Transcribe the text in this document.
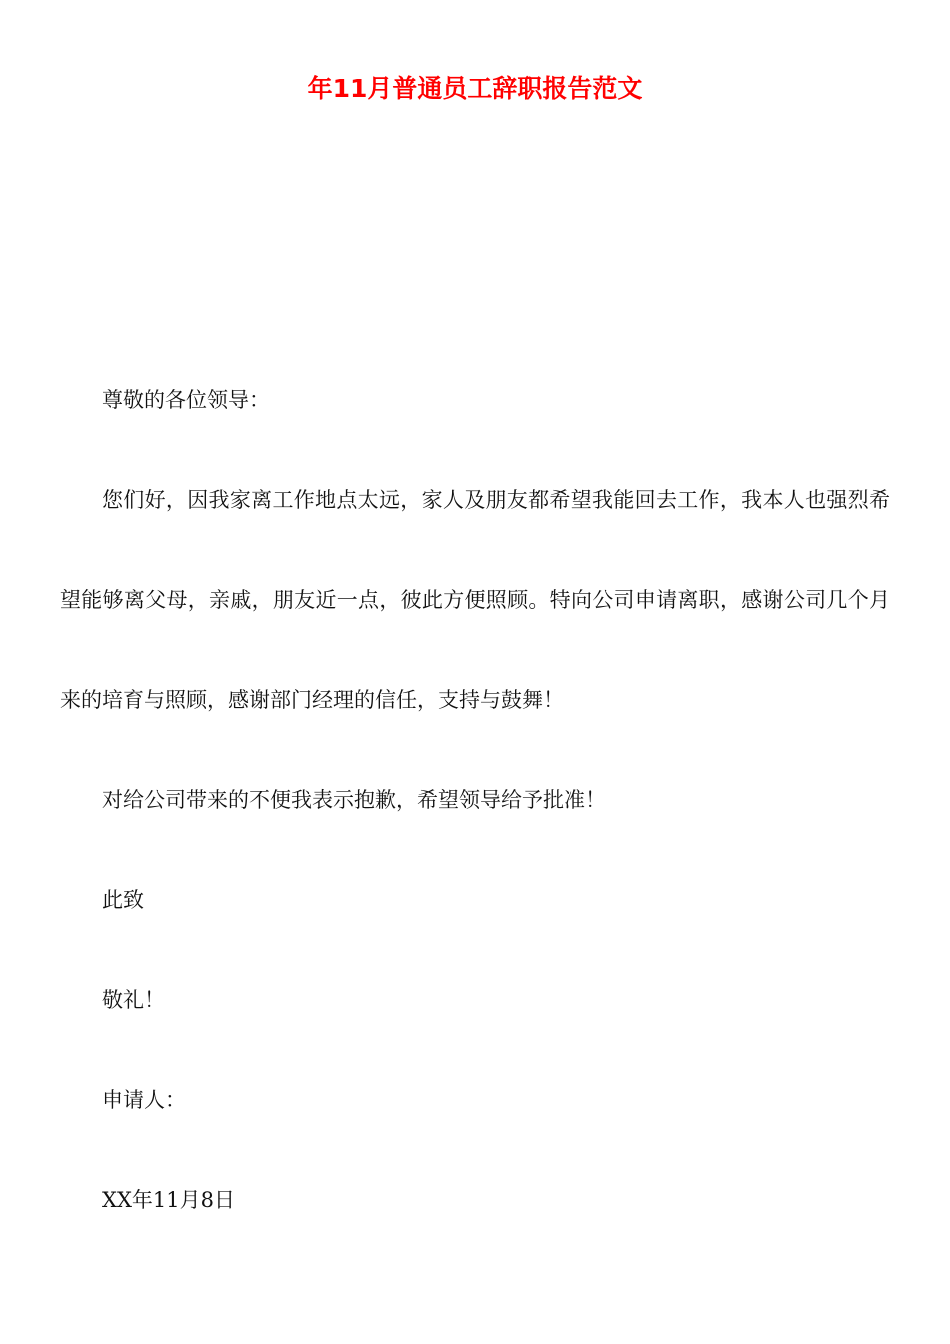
年11月普通员工辞职报告范文

尊敬的各位领导：

您们好，因我家离工作地点太远，家人及朋友都希望我能回去工作，我本人也强烈希望能够离父母，亲戚，朋友近一点，彼此方便照顾。特向公司申请离职，感谢公司几个月来的培育与照顾，感谢部门经理的信任，支持与鼓舞！

对给公司带来的不便我表示抱歉，希望领导给予批准！

此致

敬礼！

申请人：

XX年11月8日
